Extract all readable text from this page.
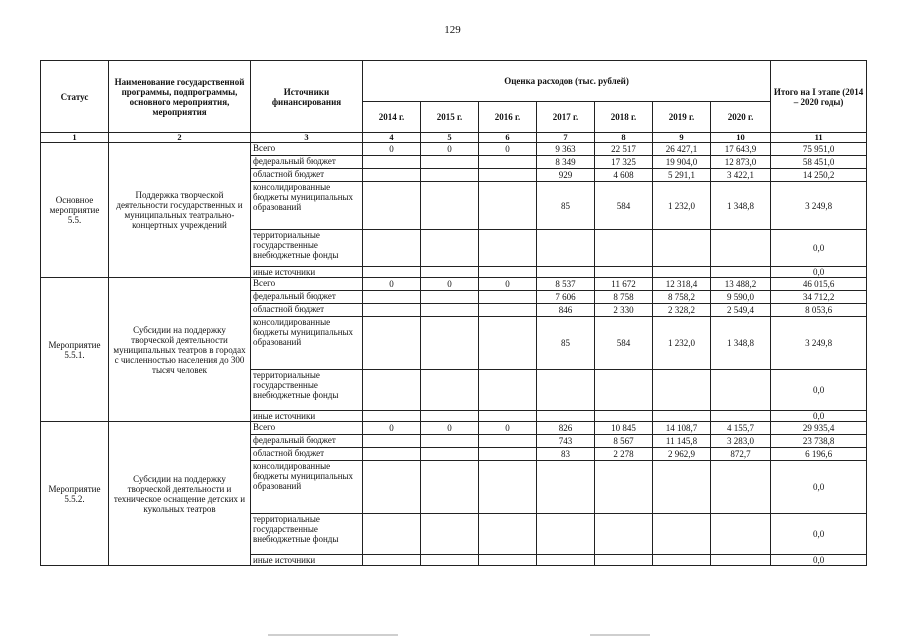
129
Статус	Наименование государственной программы, подпрограммы, основного мероприятия, мероприятия	Источники финансирования	Оценка расходов (тыс. рублей)							Итого на I этапе (2014 – 2020 годы)
			2014 г.	2015 г.	2016 г.	2017 г.	2018 г.	2019 г.	2020 г.	
1	2	3	4	5	6	7	8	9	10	11
Основное мероприятие 5.5.	Поддержка творческой деятельности государственных и муниципальных театрально-концертных учреждений	Всего	0	0	0	9 363	22 517	26 427,1	17 643,9	75 951,0
		федеральный бюджет				8 349	17 325	19 904,0	12 873,0	58 451,0
		областной бюджет				929	4 608	5 291,1	3 422,1	14 250,2
		консолидированные бюджеты муниципальных образований				85	584	1 232,0	1 348,8	3 249,8
		территориальные государственные внебюджетные фонды								0,0
		иные источники								0,0
Мероприятие 5.5.1.	Субсидии на поддержку творческой деятельности муниципальных театров в городах с численностью населения до 300 тысяч человек	Всего	0	0	0	8 537	11 672	12 318,4	13 488,2	46 015,6
		федеральный бюджет				7 606	8 758	8 758,2	9 590,0	34 712,2
		областной бюджет				846	2 330	2 328,2	2 549,4	8 053,6
		консолидированные бюджеты муниципальных образований				85	584	1 232,0	1 348,8	3 249,8
		территориальные государственные внебюджетные фонды								0,0
		иные источники								0,0
Мероприятие 5.5.2.	Субсидии на поддержку творческой деятельности и техническое оснащение детских и кукольных театров	Всего	0	0	0	826	10 845	14 108,7	4 155,7	29 935,4
		федеральный бюджет				743	8 567	11 145,8	3 283,0	23 738,8
		областной бюджет				83	2 278	2 962,9	872,7	6 196,6
		консолидированные бюджеты муниципальных образований								0,0
		территориальные государственные внебюджетные фонды								0,0
		иные источники								0,0
